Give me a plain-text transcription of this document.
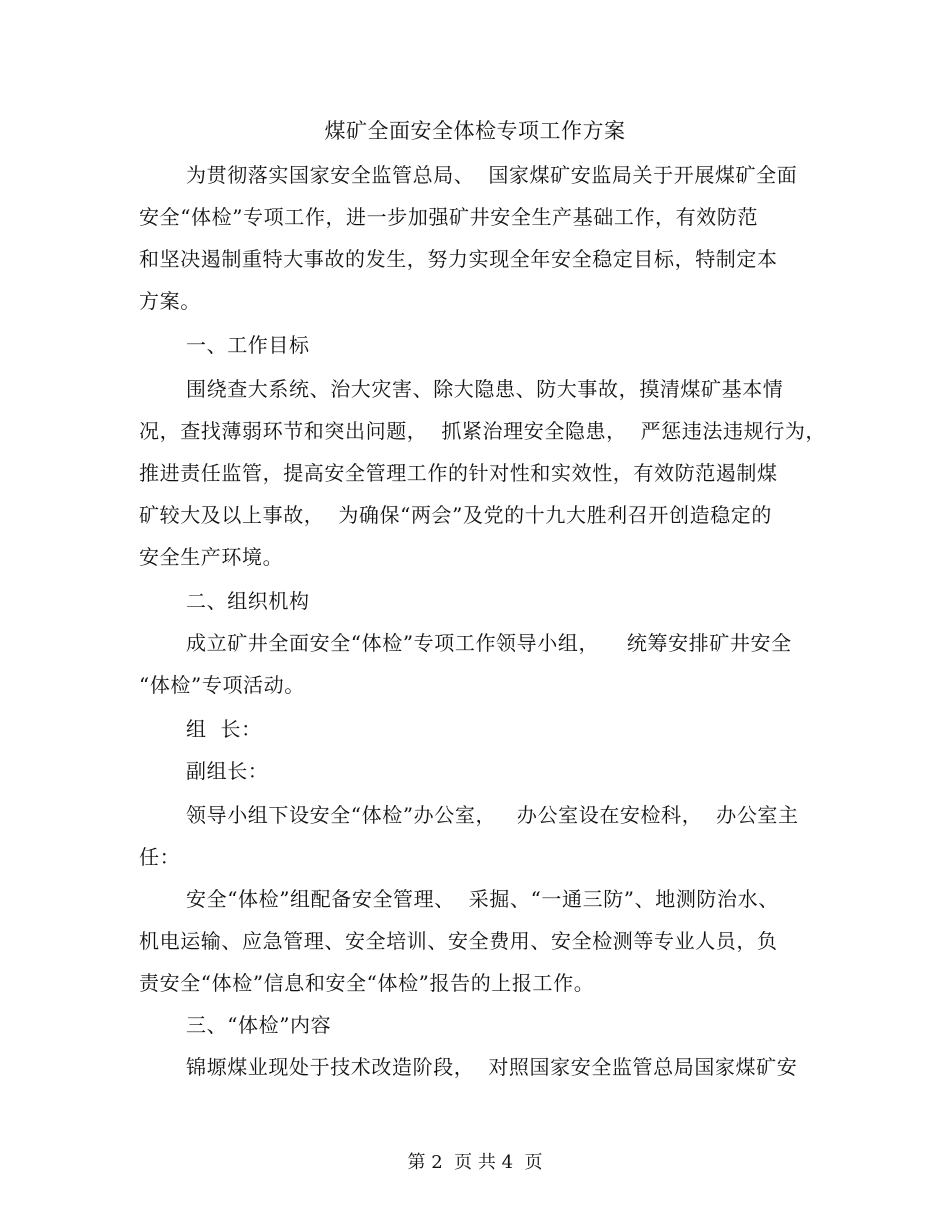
煤矿全面安全体检专项工作方案
为贯彻落实国家安全监管总局、  国家煤矿安监局关于开展煤矿全面
安全“体检”专项工作，进一步加强矿井安全生产基础工作，有效防范
和坚决遏制重特大事故的发生，努力实现全年安全稳定目标，特制定本
方案。
一、工作目标
围绕查大系统、治大灾害、除大隐患、防大事故，摸清煤矿基本情
况，查找薄弱环节和突出问题，  抓紧治理安全隐患，  严惩违法违规行为，
推进责任监管，提高安全管理工作的针对性和实效性，有效防范遏制煤
矿较大及以上事故，  为确保“两会”及党的十九大胜利召开创造稳定的
安全生产环境。
二、组织机构
成立矿井全面安全“体检”专项工作领导小组，    统筹安排矿井安全
“体检”专项活动。
组  长：
副组长：
领导小组下设安全“体检”办公室，   办公室设在安检科，  办公室主
任：
安全“体检”组配备安全管理、  采掘、“一通三防”、地测防治水、
机电运输、应急管理、安全培训、安全费用、安全检测等专业人员，负
责安全“体检”信息和安全“体检”报告的上报工作。
三、“体检”内容
锦塬煤业现处于技术改造阶段，  对照国家安全监管总局国家煤矿安
第 2  页 共 4  页
